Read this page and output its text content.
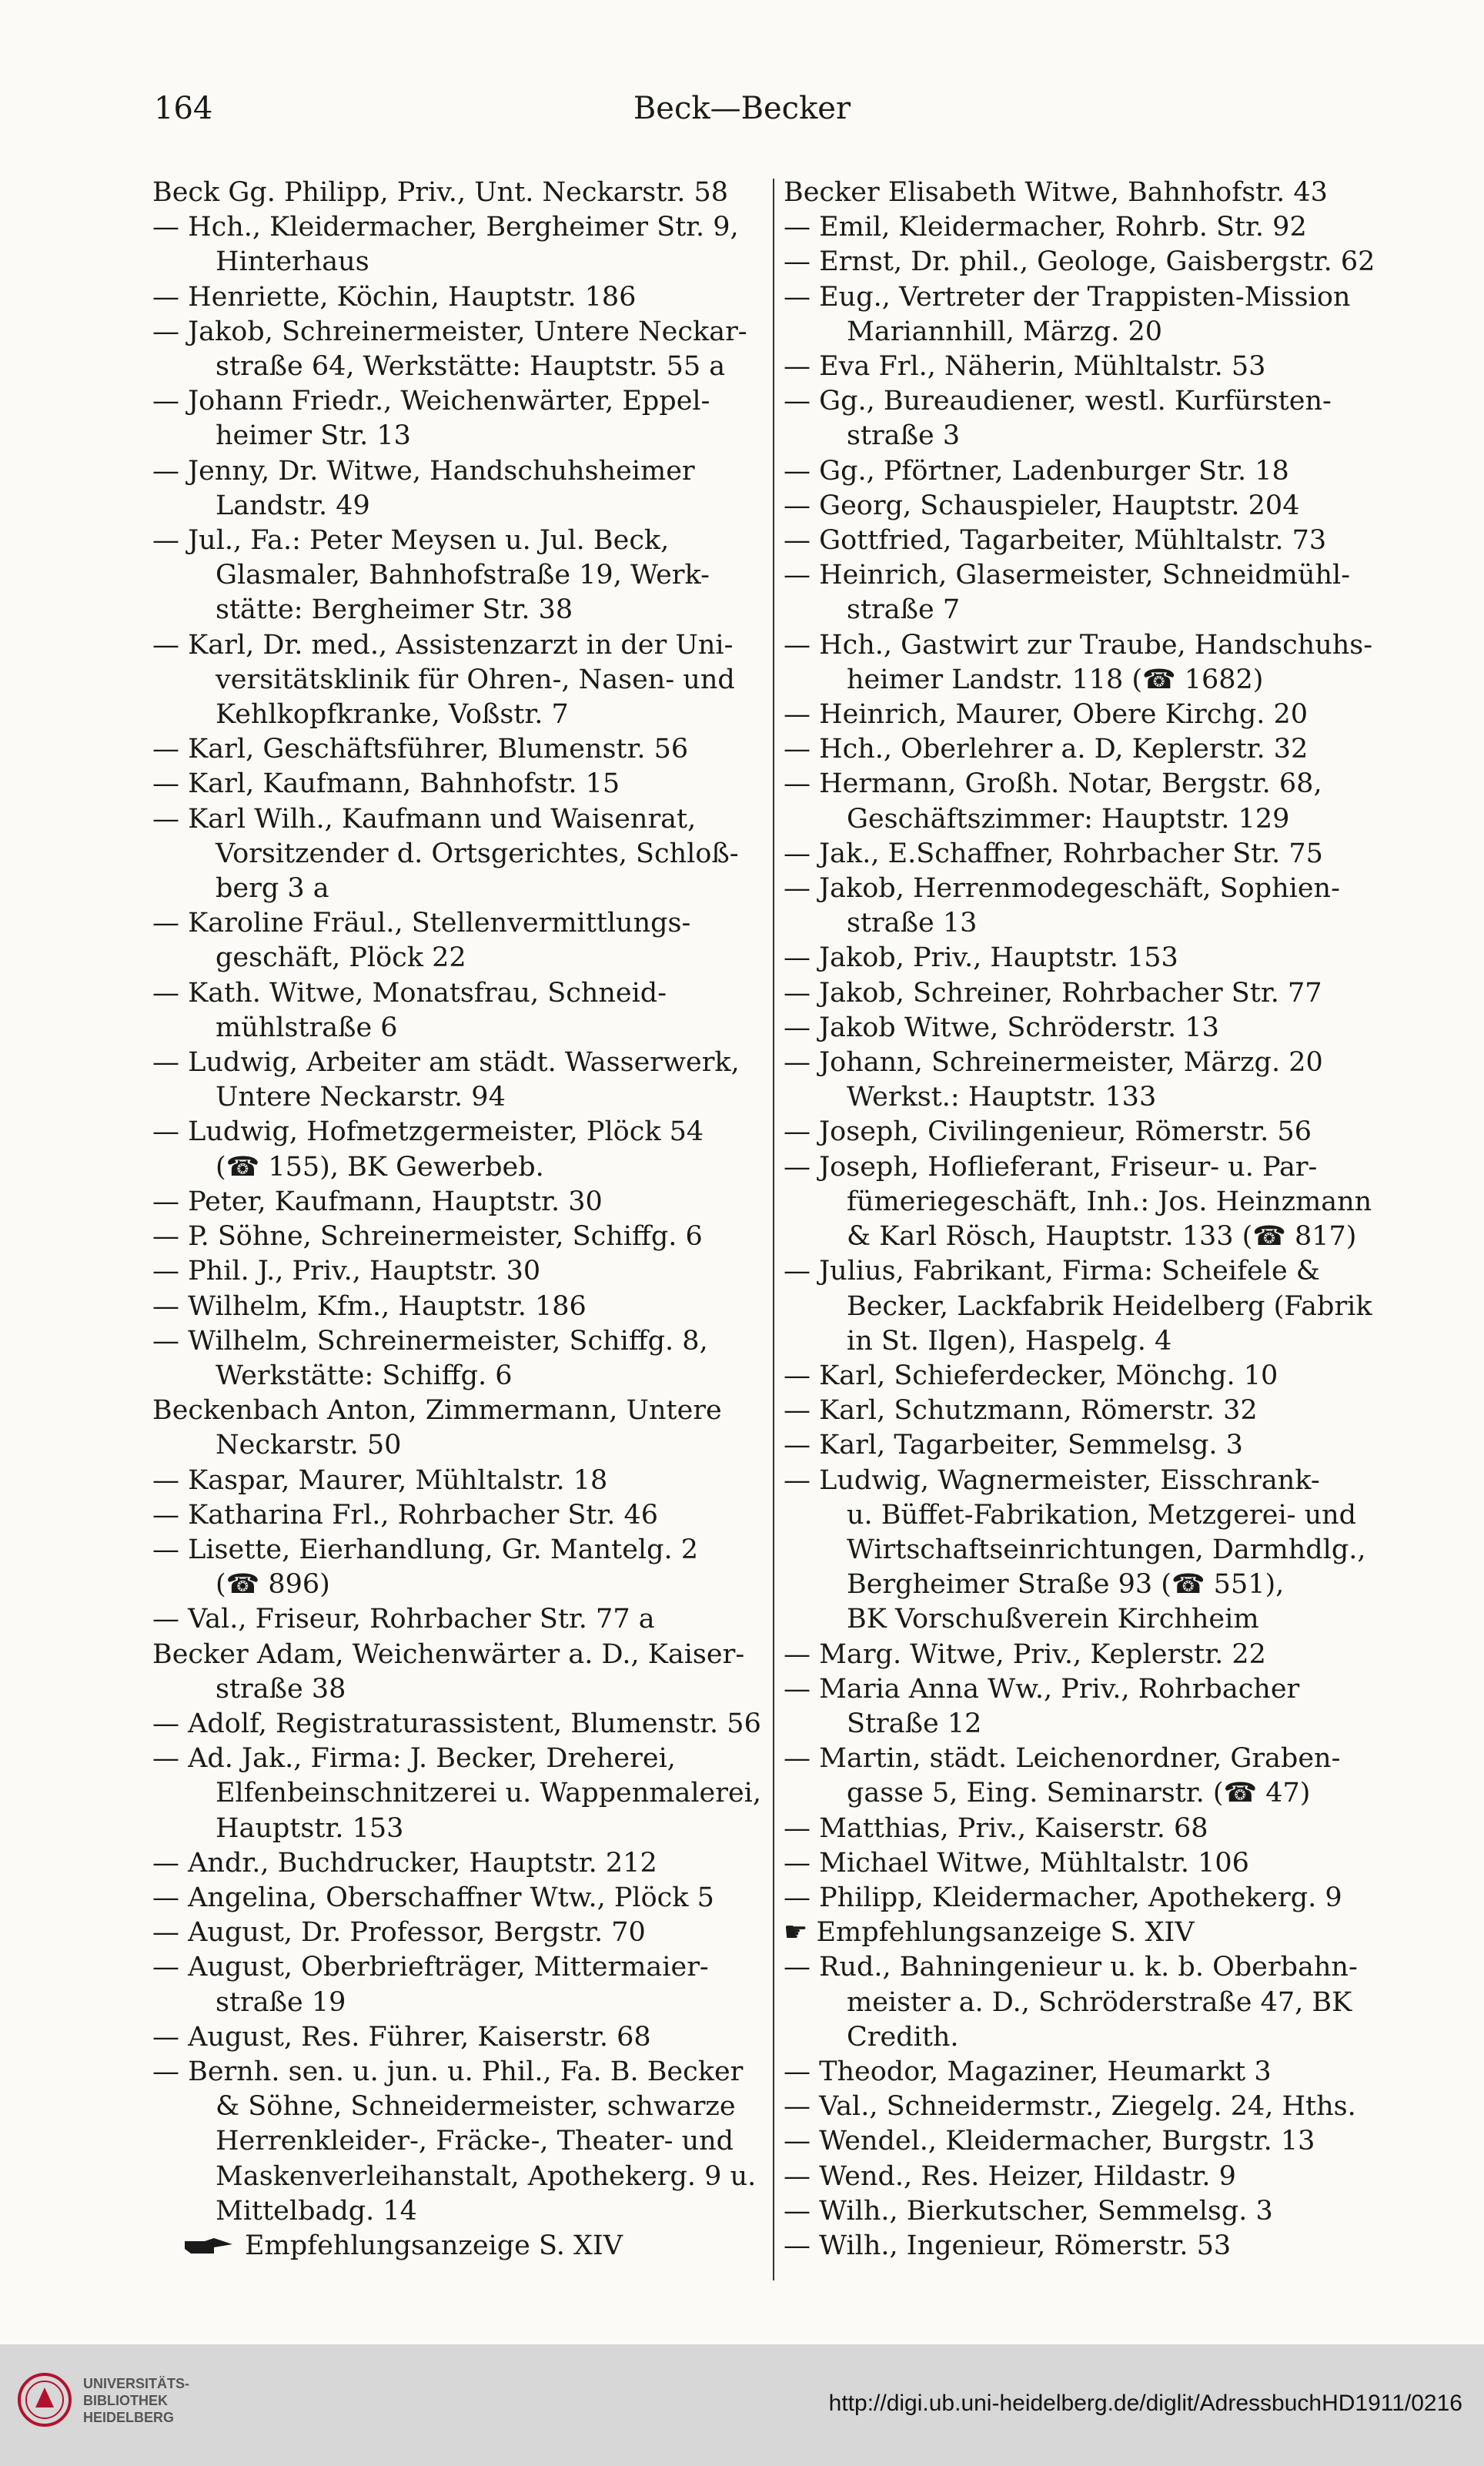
164	Beck—Becker
Beck Gg. Philipp, Priv., Unt. Neckarstr. 58
— Hch., Kleidermacher, Bergheimer Str. 9,
Hinterhaus
— Henriette, Köchin, Hauptstr. 186
— Jakob, Schreinermeister, Untere Neckar-
straße 64, Werkstätte: Hauptstr. 55 a
— Johann Friedr., Weichenwärter, Eppel-
heimer Str. 13
— Jenny, Dr. Witwe, Handschuhsheimer
Landstr. 49
— Jul., Fa.: Peter Meysen u. Jul. Beck,
Glasmaler, Bahnhofstraße 19, Werk-
stätte: Bergheimer Str. 38
— Karl, Dr. med., Assistenzarzt in der Uni-
versitätsklinik für Ohren-, Nasen- und
Kehlkopfkranke, Voßstr. 7
— Karl, Geschäftsführer, Blumenstr. 56
— Karl, Kaufmann, Bahnhofstr. 15
— Karl Wilh., Kaufmann und Waisenrat,
Vorsitzender d. Ortsgerichtes, Schloß-
berg 3 a
— Karoline Fräul., Stellenvermittlungs-
geschäft, Plöck 22
— Kath. Witwe, Monatsfrau, Schneid-
mühlstraße 6
— Ludwig, Arbeiter am städt. Wasserwerk,
Untere Neckarstr. 94
— Ludwig, Hofmetzgermeister, Plöck 54
(☎ 155), BK Gewerbeb.
— Peter, Kaufmann, Hauptstr. 30
— P. Söhne, Schreinermeister, Schiffg. 6
— Phil. J., Priv., Hauptstr. 30
— Wilhelm, Kfm., Hauptstr. 186
— Wilhelm, Schreinermeister, Schiffg. 8,
Werkstätte: Schiffg. 6
Beckenbach Anton, Zimmermann, Untere
Neckarstr. 50
— Kaspar, Maurer, Mühltalstr. 18
— Katharina Frl., Rohrbacher Str. 46
— Lisette, Eierhandlung, Gr. Mantelg. 2
(☎ 896)
— Val., Friseur, Rohrbacher Str. 77 a
Becker Adam, Weichenwärter a. D., Kaiser-
straße 38
— Adolf, Registraturassistent, Blumenstr. 56
— Ad. Jak., Firma: J. Becker, Dreherei,
Elfenbeinschnitzerei u. Wappenmalerei,
Hauptstr. 153
— Andr., Buchdrucker, Hauptstr. 212
— Angelina, Oberschaffner Wtw., Plöck 5
— August, Dr. Professor, Bergstr. 70
— August, Oberbriefträger, Mittermaier-
straße 19
— August, Res. Führer, Kaiserstr. 68
— Bernh. sen. u. jun. u. Phil., Fa. B. Becker
& Söhne, Schneidermeister, schwarze
Herrenkleider-, Fräcke-, Theater- und
Maskenverleihanstalt, Apothekerg. 9 u.
Mittelbadg. 14
Empfehlungsanzeige S. XIV
Becker Elisabeth Witwe, Bahnhofstr. 43
— Emil, Kleidermacher, Rohrb. Str. 92
— Ernst, Dr. phil., Geologe, Gaisbergstr. 62
— Eug., Vertreter der Trappisten-Mission
Mariannhill, Märzg. 20
— Eva Frl., Näherin, Mühltalstr. 53
— Gg., Bureaudiener, westl. Kurfürsten-
straße 3
— Gg., Pförtner, Ladenburger Str. 18
— Georg, Schauspieler, Hauptstr. 204
— Gottfried, Tagarbeiter, Mühltalstr. 73
— Heinrich, Glasermeister, Schneidmühl-
straße 7
— Hch., Gastwirt zur Traube, Handschuhs-
heimer Landstr. 118 (☎ 1682)
— Heinrich, Maurer, Obere Kirchg. 20
— Hch., Oberlehrer a. D, Keplerstr. 32
— Hermann, Großh. Notar, Bergstr. 68,
Geschäftszimmer: Hauptstr. 129
— Jak., E.Schaffner, Rohrbacher Str. 75
— Jakob, Herrenmodegeschäft, Sophien-
straße 13
— Jakob, Priv., Hauptstr. 153
— Jakob, Schreiner, Rohrbacher Str. 77
— Jakob Witwe, Schröderstr. 13
— Johann, Schreinermeister, Märzg. 20
Werkst.: Hauptstr. 133
— Joseph, Civilingenieur, Römerstr. 56
— Joseph, Hoflieferant, Friseur- u. Par-
fümeriegeschäft, Inh.: Jos. Heinzmann
& Karl Rösch, Hauptstr. 133 (☎ 817)
— Julius, Fabrikant, Firma: Scheifele &
Becker, Lackfabrik Heidelberg (Fabrik
in St. Ilgen), Haspelg. 4
— Karl, Schieferdecker, Mönchg. 10
— Karl, Schutzmann, Römerstr. 32
— Karl, Tagarbeiter, Semmelsg. 3
— Ludwig, Wagnermeister, Eisschrank-
u. Büffet-Fabrikation, Metzgerei- und
Wirtschaftseinrichtungen, Darmhdlg.,
Bergheimer Straße 93 (☎ 551),
BK Vorschußverein Kirchheim
— Marg. Witwe, Priv., Keplerstr. 22
— Maria Anna Ww., Priv., Rohrbacher
Straße 12
— Martin, städt. Leichenordner, Graben-
gasse 5, Eing. Seminarstr. (☎ 47)
— Matthias, Priv., Kaiserstr. 68
— Michael Witwe, Mühltalstr. 106
— Philipp, Kleidermacher, Apothekerg. 9
☛ Empfehlungsanzeige S. XIV
— Rud., Bahningenieur u. k. b. Oberbahn-
meister a. D., Schröderstraße 47, BK
Credith.
— Theodor, Magaziner, Heumarkt 3
— Val., Schneidermstr., Ziegelg. 24, Hths.
— Wendel., Kleidermacher, Burgstr. 13
— Wend., Res. Heizer, Hildastr. 9
— Wilh., Bierkutscher, Semmelsg. 3
— Wilh., Ingenieur, Römerstr. 53
UNIVERSITÄTS-
BIBLIOTHEK
HEIDELBERG
http://digi.ub.uni-heidelberg.de/diglit/AdressbuchHD1911/0216
